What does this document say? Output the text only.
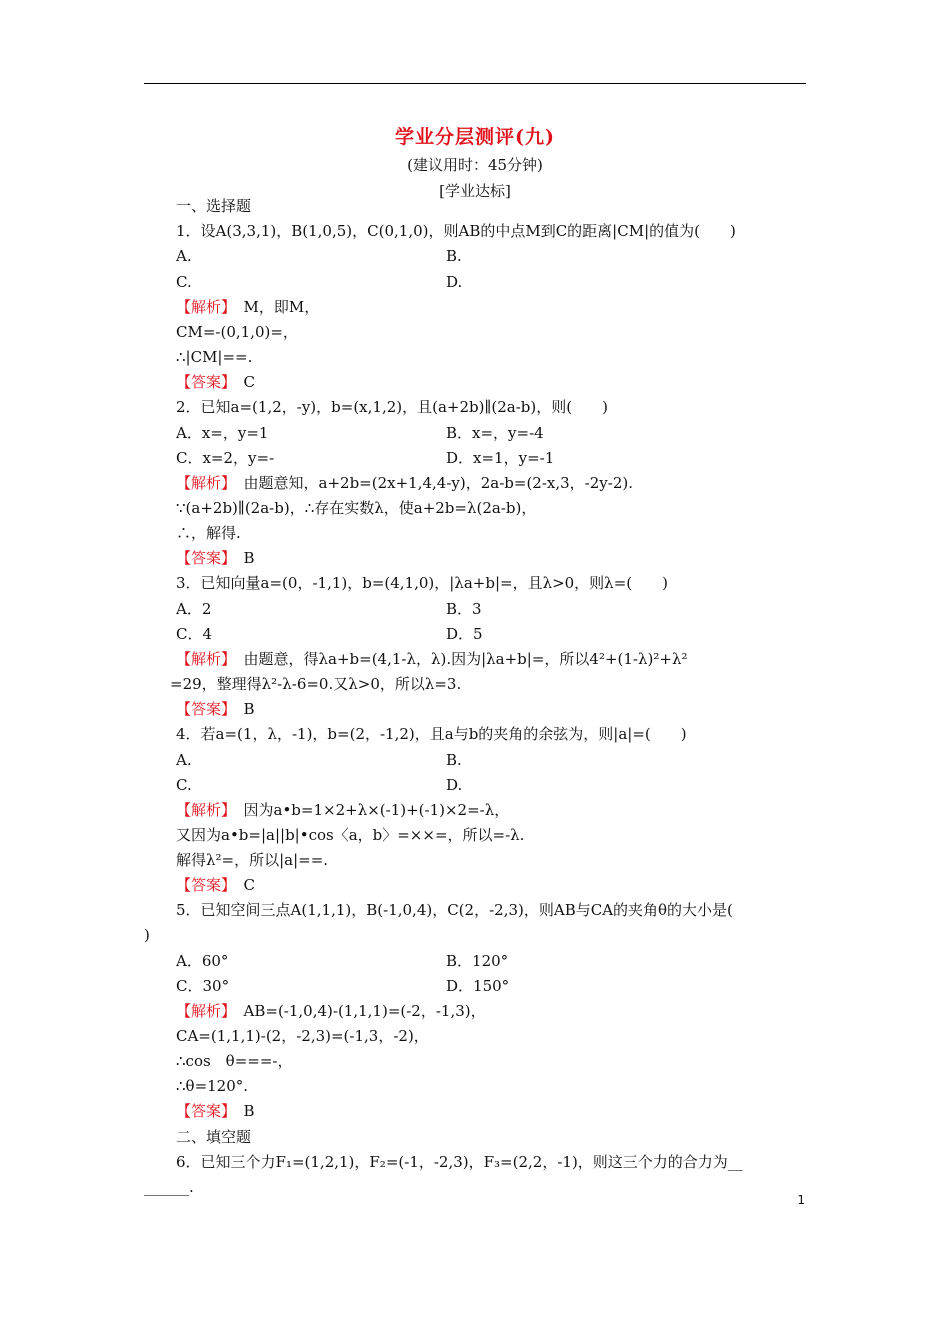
学业分层测评(九)
(建议用时：45分钟)
[学业达标]
一、选择题
1．设A(3,3,1)，B(1,0,5)，C(0,1,0)，则AB的中点M到C的距离|CM|的值为(　　)
A.
C.
【解析】　M，即M，
CM=-(0,1,0)=，
∴|CM|==.
【答案】　C
2．已知a=(1,2，-y)，b=(x,1,2)，且(a+2b)∥(2a-b)，则(　　)
A．x=，y=1
C．x=2，y=-
【解析】　由题意知，a+2b=(2x+1,4,4-y)，2a-b=(2-x,3，-2y-2).
∵(a+2b)∥(2a-b)，∴存在实数λ，使a+2b=λ(2a-b)，
∴，解得.
【答案】　B
3．已知向量a=(0，-1,1)，b=(4,1,0)，|λa+b|=，且λ>0，则λ=(　　)
A．2
C．4
【解析】　由题意，得λa+b=(4,1-λ，λ).因为|λa+b|=，所以4²+(1-λ)²+λ²
=29，整理得λ²-λ-6=0.又λ>0，所以λ=3.
【答案】　B
4．若a=(1，λ，-1)，b=(2，-1,2)，且a与b的夹角的余弦为，则|a|=(　　)
A.
C.
【解析】　因为a•b=1×2+λ×(-1)+(-1)×2=-λ，
又因为a•b=|a||b|•cos〈a，b〉=××=，所以=-λ.
解得λ²=，所以|a|==.
【答案】　C
5．已知空间三点A(1,1,1)，B(-1,0,4)，C(2，-2,3)，则AB与CA的夹角θ的大小是(
)
A．60°
C．30°
【解析】　AB=(-1,0,4)-(1,1,1)=(-2，-1,3)，
CA=(1,1,1)-(2，-2,3)=(-1,3，-2)，
∴cos　θ===-，
∴θ=120°.
【答案】　B
二、填空题
6．已知三个力F₁=(1,2,1)，F₂=(-1，-2,3)，F₃=(2,2，-1)，则这三个力的合力为__
______.
B.
D.
B．x=，y=-4
D．x=1，y=-1
B．3
D．5
B.
D.
B．120°
D．150°
1
